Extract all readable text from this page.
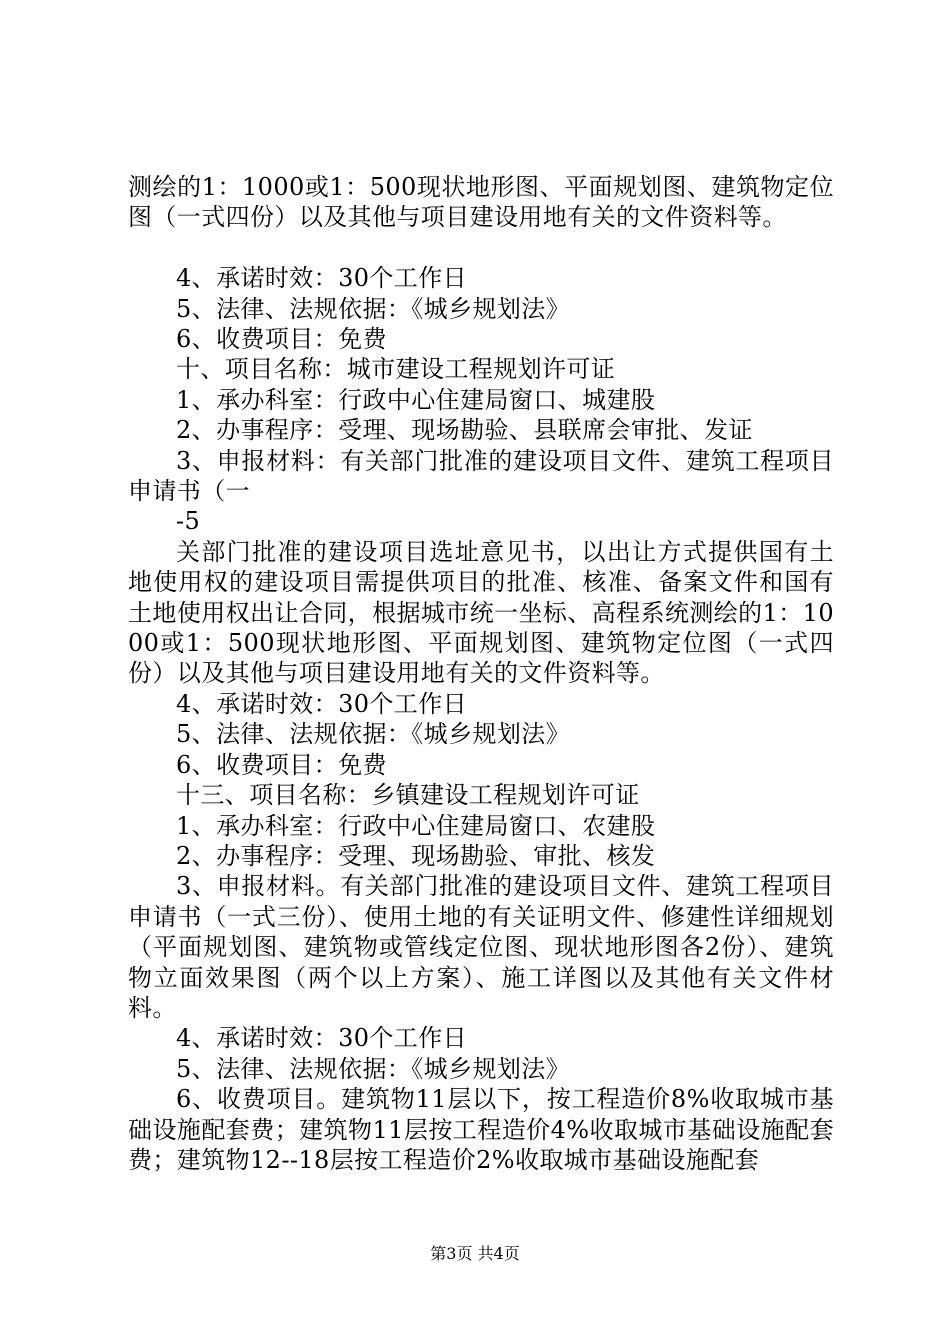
测绘的1：1000或1：500现状地形图、平面规划图、建筑物定位图（一式四份）以及其他与项目建设用地有关的文件资料等。

4、承诺时效：30个工作日

5、法律、法规依据：《城乡规划法》

6、收费项目：免费

十、项目名称：城市建设工程规划许可证

1、承办科室：行政中心住建局窗口、城建股

2、办事程序：受理、现场勘验、县联席会审批、发证

3、申报材料：有关部门批准的建设项目文件、建筑工程项目申请书（一

-5

关部门批准的建设项目选址意见书，以出让方式提供国有土地使用权的建设项目需提供项目的批准、核准、备案文件和国有土地使用权出让合同，根据城市统一坐标、高程系统测绘的1：1000或1：500现状地形图、平面规划图、建筑物定位图（一式四份）以及其他与项目建设用地有关的文件资料等。

4、承诺时效：30个工作日

5、法律、法规依据：《城乡规划法》

6、收费项目：免费

十三、项目名称：乡镇建设工程规划许可证

1、承办科室：行政中心住建局窗口、农建股

2、办事程序：受理、现场勘验、审批、核发

3、申报材料。有关部门批准的建设项目文件、建筑工程项目申请书（一式三份）、使用土地的有关证明文件、修建性详细规划（平面规划图、建筑物或管线定位图、现状地形图各2份）、建筑物立面效果图（两个以上方案）、施工详图以及其他有关文件材料。

4、承诺时效：30个工作日

5、法律、法规依据：《城乡规划法》

6、收费项目。建筑物11层以下，按工程造价8%收取城市基础设施配套费；建筑物11层按工程造价4%收取城市基础设施配套费；建筑物12--18层按工程造价2%收取城市基础设施配套

第3页 共4页
